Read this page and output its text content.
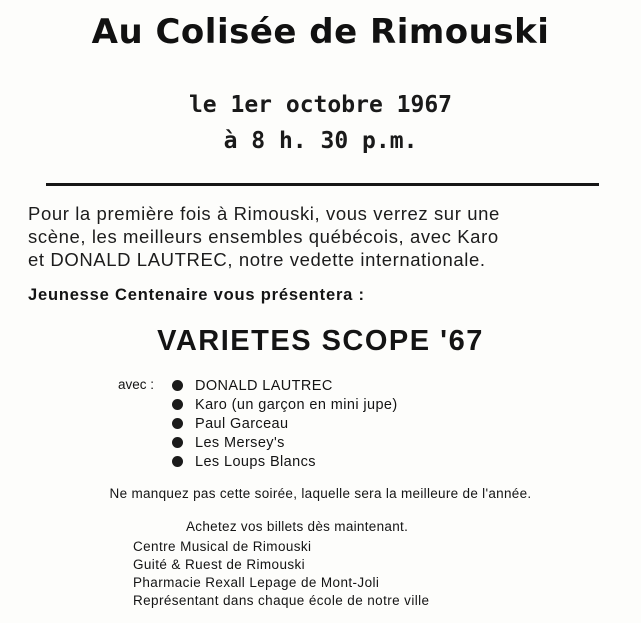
Au Colisée de Rimouski
le 1er octobre 1967
à 8 h. 30 p.m.
Pour la première fois à Rimouski, vous verrez sur une
scène, les meilleurs ensembles québécois, avec Karo
et DONALD LAUTREC, notre vedette internationale.
Jeunesse Centenaire vous présentera :
VARIETES SCOPE '67
avec :	DONALD LAUTREC
Karo (un garçon en mini jupe)
Paul Garceau
Les Mersey's
Les Loups Blancs
Ne manquez pas cette soirée, laquelle sera la meilleure de l'année.
Achetez vos billets dès maintenant.
Centre Musical de Rimouski
Guité & Ruest de Rimouski
Pharmacie Rexall Lepage de Mont-Joli
Représentant dans chaque école de notre ville
